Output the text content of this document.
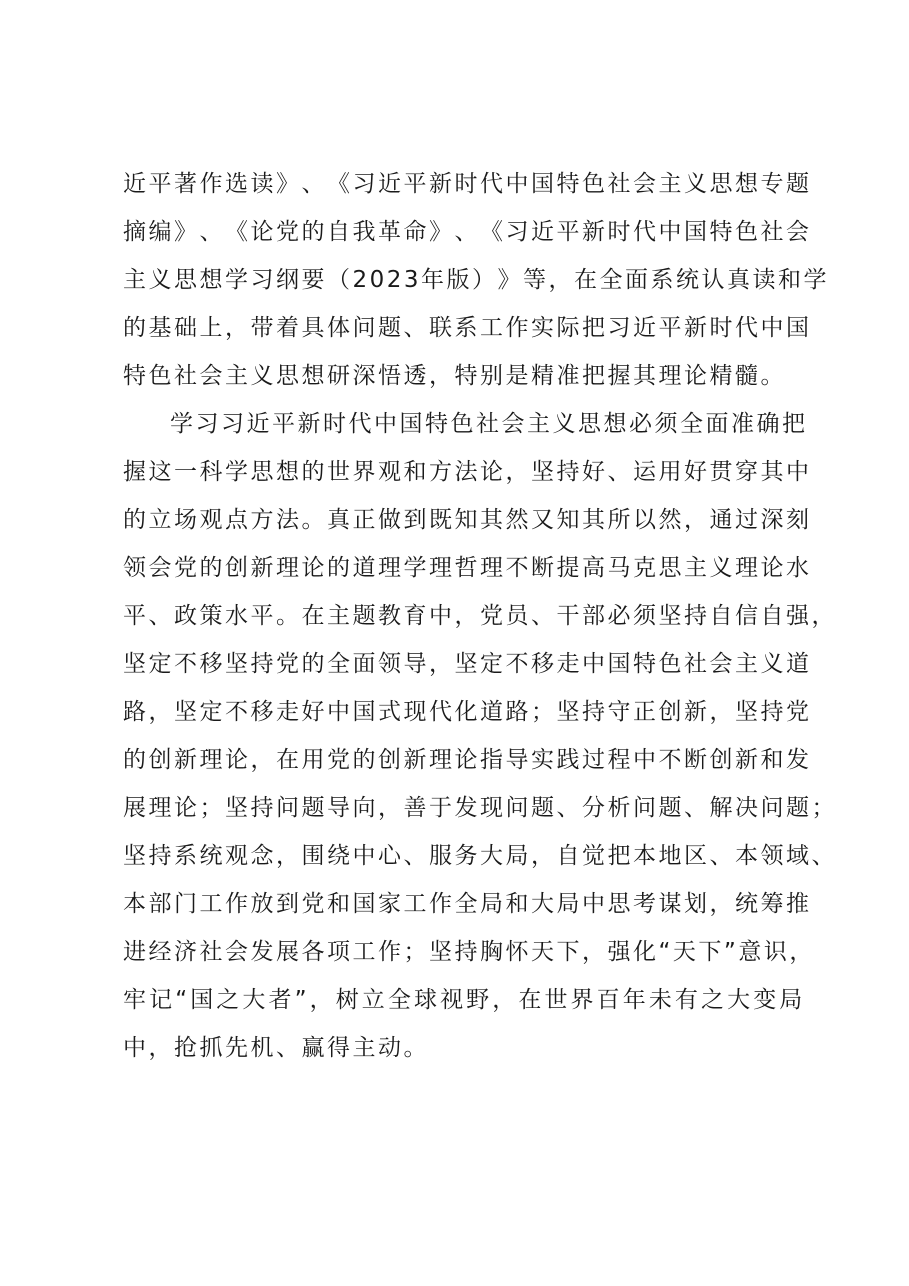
近 平 著 作 选 读 》 、 《 习 近 平 新 时 代 中 国 特 色 社 会 主 义 思 想 专 题
摘 编 》 、 《 论 党 的 自 我 革 命 》 、 《 习 近 平 新 时 代 中 国 特 色 社 会
主 义 思 想 学 习 纲 要 （ 2023 年 版 ） 》 等 ， 在 全 面 系 统 认 真 读 和 学
的 基 础 上 ， 带 着 具 体 问 题 、 联 系 工 作 实 际 把 习 近 平 新 时 代 中 国
特色社会主义思想研深悟透，特别是精准把握其理论精髓。
学 习 习 近 平 新 时 代 中 国 特 色 社 会 主 义 思 想 必 须 全 面 准 确 把
握 这 一 科 学 思 想 的 世 界 观 和 方 法 论 ， 坚 持 好 、 运 用 好 贯 穿 其 中
的 立 场 观 点 方 法 。 真 正 做 到 既 知 其 然 又 知 其 所 以 然 ， 通 过 深 刻
领 会 党 的 创 新 理 论 的 道 理 学 理 哲 理 不 断 提 高 马 克 思 主 义 理 论 水
平 、 政 策 水 平 。 在 主 题 教 育 中 ， 党 员 、 干 部 必 须 坚 持 自 信 自 强 ，
坚 定 不 移 坚 持 党 的 全 面 领 导 ， 坚 定 不 移 走 中 国 特 色 社 会 主 义 道
路 ， 坚 定 不 移 走 好 中 国 式 现 代 化 道 路 ； 坚 持 守 正 创 新 ， 坚 持 党
的 创 新 理 论 ， 在 用 党 的 创 新 理 论 指 导 实 践 过 程 中 不 断 创 新 和 发
展 理 论 ； 坚 持 问 题 导 向 ， 善 于 发 现 问 题 、 分 析 问 题 、 解 决 问 题 ；
坚 持 系 统 观 念 ， 围 绕 中 心 、 服 务 大 局 ， 自 觉 把 本 地 区 、 本 领 域 、
本 部 门 工 作 放 到 党 和 国 家 工 作 全 局 和 大 局 中 思 考 谋 划 ， 统 筹 推
进 经 济 社 会 发 展 各 项 工 作 ； 坚 持 胸 怀 天 下 ， 强 化 “ 天 下 ” 意 识 ，
牢 记 “ 国 之 大 者 ” ， 树 立 全 球 视 野 ， 在 世 界 百 年 未 有 之 大 变 局
中，抢抓先机、赢得主动。
